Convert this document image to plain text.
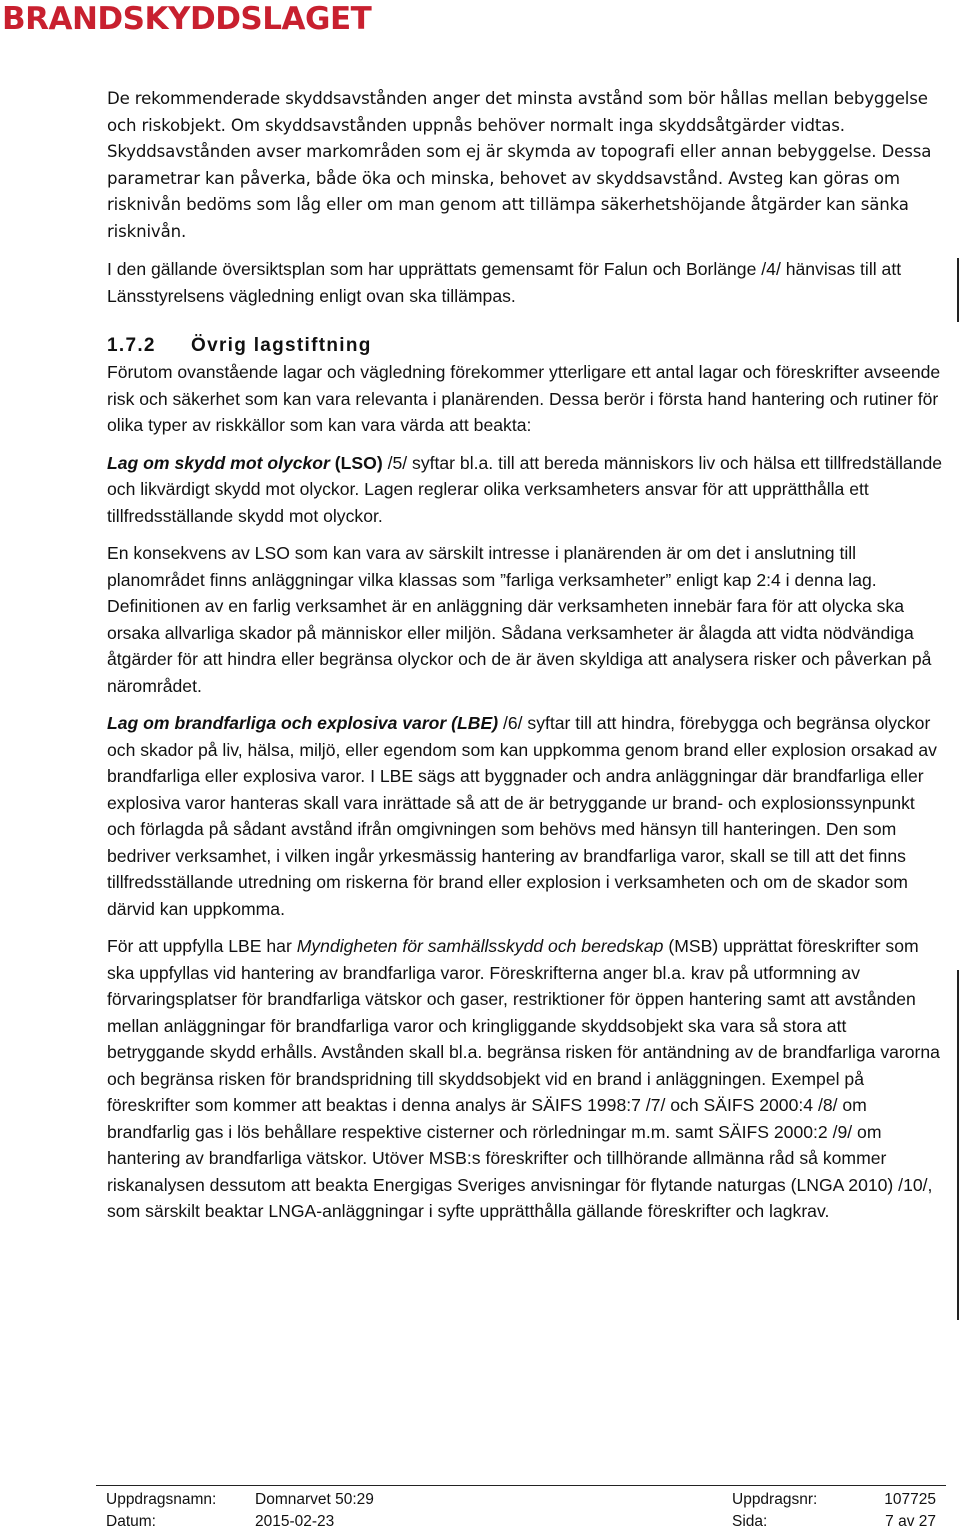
BRANDSKYDDSLAGET

De rekommenderade skyddsavstånden anger det minsta avstånd som bör hållas mellan bebyggelse och riskobjekt. Om skyddsavstånden uppnås behöver normalt inga skyddsåtgärder vidtas. Skyddsavstånden avser markområden som ej är skymda av topografi eller annan bebyggelse. Dessa parametrar kan påverka, både öka och minska, behovet av skyddsavstånd. Avsteg kan göras om risknivån bedöms som låg eller om man genom att tillämpa säkerhetshöjande åtgärder kan sänka risknivån.

I den gällande översiktsplan som har upprättats gemensamt för Falun och Borlänge /4/ hänvisas till att Länsstyrelsens vägledning enligt ovan ska tillämpas.

1.7.2 Övrig lagstiftning

Förutom ovanstående lagar och vägledning förekommer ytterligare ett antal lagar och föreskrifter avseende risk och säkerhet som kan vara relevanta i planärenden. Dessa berör i första hand hantering och rutiner för olika typer av riskkällor som kan vara värda att beakta:

Lag om skydd mot olyckor (LSO) /5/ syftar bl.a. till att bereda människors liv och hälsa ett tillfredställande och likvärdigt skydd mot olyckor. Lagen reglerar olika verksamheters ansvar för att upprätthålla ett tillfredsställande skydd mot olyckor.

En konsekvens av LSO som kan vara av särskilt intresse i planärenden är om det i anslutning till planområdet finns anläggningar vilka klassas som ”farliga verksamheter” enligt kap 2:4 i denna lag. Definitionen av en farlig verksamhet är en anläggning där verksamheten innebär fara för att olycka ska orsaka allvarliga skador på människor eller miljön. Sådana verksamheter är ålagda att vidta nödvändiga åtgärder för att hindra eller begränsa olyckor och de är även skyldiga att analysera risker och påverkan på närområdet.

Lag om brandfarliga och explosiva varor (LBE) /6/ syftar till att hindra, förebygga och begränsa olyckor och skador på liv, hälsa, miljö, eller egendom som kan uppkomma genom brand eller explosion orsakad av brandfarliga eller explosiva varor. I LBE sägs att byggnader och andra anläggningar där brandfarliga eller explosiva varor hanteras skall vara inrättade så att de är betryggande ur brand- och explosionssynpunkt och förlagda på sådant avstånd ifrån omgivningen som behövs med hänsyn till hanteringen. Den som bedriver verksamhet, i vilken ingår yrkesmässig hantering av brandfarliga varor, skall se till att det finns tillfredsställande utredning om riskerna för brand eller explosion i verksamheten och om de skador som därvid kan uppkomma.

För att uppfylla LBE har Myndigheten för samhällsskydd och beredskap (MSB) upprättat föreskrifter som ska uppfyllas vid hantering av brandfarliga varor. Föreskrifterna anger bl.a. krav på utformning av förvaringsplatser för brandfarliga vätskor och gaser, restriktioner för öppen hantering samt att avstånden mellan anläggningar för brandfarliga varor och kringliggande skyddsobjekt ska vara så stora att betryggande skydd erhålls. Avstånden skall bl.a. begränsa risken för antändning av de brandfarliga varorna och begränsa risken för brandspridning till skyddsobjekt vid en brand i anläggningen. Exempel på föreskrifter som kommer att beaktas i denna analys är SÄIFS 1998:7 /7/ och SÄIFS 2000:4 /8/ om brandfarlig gas i lös behållare respektive cisterner och rörledningar m.m. samt SÄIFS 2000:2 /9/ om hantering av brandfarliga vätskor. Utöver MSB:s föreskrifter och tillhörande allmänna råd så kommer riskanalysen dessutom att beakta Energigas Sveriges anvisningar för flytande naturgas (LNGA 2010) /10/, som särskilt beaktar LNGA-anläggningar i syfte upprätthålla gällande föreskrifter och lagkrav.

Uppdragsnamn: Domnarvet 50:29	Uppdragsnr:	107725
Datum:	2015-02-23	Sida:	7 av 27
